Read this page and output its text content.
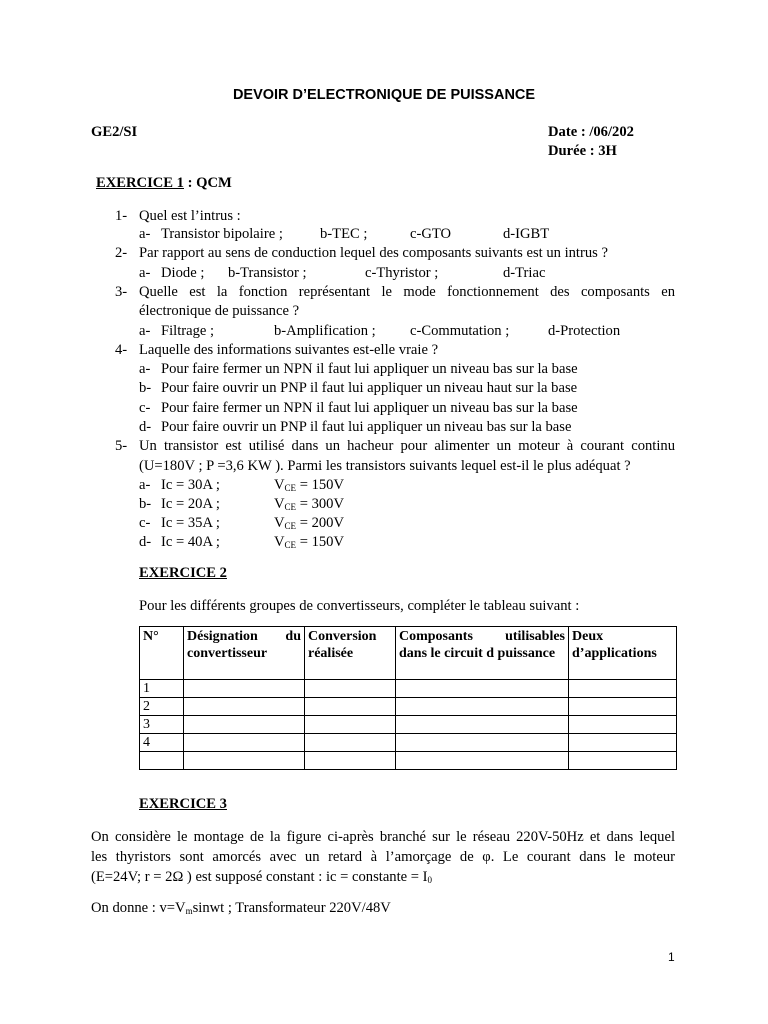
DEVOIR D’ELECTRONIQUE DE PUISSANCE
GE2/SI	Date : /06/202
Durée : 3H
EXERCICE 1 : QCM
1- Quel est l’intrus :
a- Transistor bipolaire ;	b-TEC ;	c-GTO	d-IGBT
2- Par rapport au sens de conduction lequel des composants suivants est un intrus ?
a- Diode ; b-Transistor ;	c-Thyristor ;	d-Triac
3- Quelle est la fonction représentant le mode fonctionnement des composants en
électronique de puissance ?
a- Filtrage ;	b-Amplification ; c-Commutation ;	d-Protection
4- Laquelle des informations suivantes est-elle vraie ?
a- Pour faire fermer un NPN il faut lui appliquer un niveau bas sur la base
b- Pour faire ouvrir un PNP il faut lui appliquer un niveau haut sur la base
c- Pour faire fermer un NPN il faut lui appliquer un niveau bas sur la base
d- Pour faire ouvrir un PNP il faut lui appliquer un niveau bas sur la base
5- Un transistor est utilisé dans un hacheur pour alimenter un moteur à courant continu
(U=180V ; P =3,6 KW ). Parmi les transistors suivants lequel est-il le plus adéquat ?
a- Ic = 30A ;	$V_{CE} = 150V$
b- Ic = 20A ;	$V_{CE} = 300V$
c- Ic = 35A ;	$V_{CE} = 200V$
d- Ic = 40A ;	$V_{CE} = 150V$
EXERCICE 2
Pour les différents groupes de convertisseurs, compléter le tableau suivant :
N°	Désignation du convertisseur	Conversion réalisée	Composants utilisables dans le circuit d puissance	Deux d’applications
1				
2				
3				
4				

EXERCICE 3
On considère le montage de la figure ci-après branché sur le réseau 220V-50Hz et dans lequel
les thyristors sont amorcés avec un retard à l’amorçage de φ. Le courant dans le moteur
(E=24V; r = 2Ω ) est supposé constant : ic = constante = $I_0$
On donne : $v=V_msinwt$ ; Transformateur 220V/48V
1
